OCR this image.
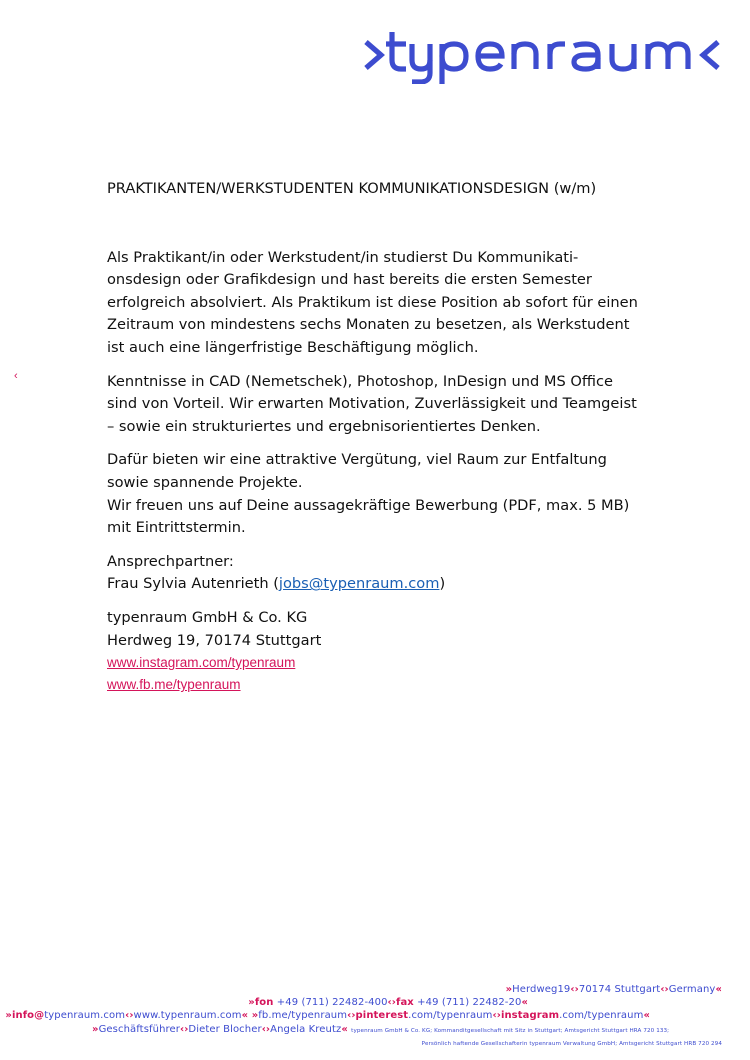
‹

PRAKTIKANTEN/WERKSTUDENTEN KOMMUNIKATIONSDESIGN (w/m)

Als Praktikant/in oder Werkstudent/in studierst Du Kommunikati-onsdesign oder Grafikdesign und hast bereits die ersten Semester erfolgreich absolviert. Als Praktikum ist diese Position ab sofort für einen Zeitraum von mindestens sechs Monaten zu besetzen, als Werkstudent ist auch eine längerfristige Beschäftigung möglich.

Kenntnisse in CAD (Nemetschek), Photoshop, InDesign und MS Office sind von Vorteil. Wir erwarten Motivation, Zuverlässigkeit und Teamgeist – sowie ein strukturiertes und ergebnisorientiertes Denken.

Dafür bieten wir eine attraktive Vergütung, viel Raum zur Entfaltung sowie spannende Projekte.

Wir freuen uns auf Deine aussagekräftige Bewerbung (PDF, max. 5 MB) mit Eintrittstermin.

Ansprechpartner:

Frau Sylvia Autenrieth (jobs@typenraum.com)

typenraum GmbH & Co. KG

Herdweg 19, 70174 Stuttgart

www.instagram.com/typenraum
www.fb.me/typenraum
»Herdweg19‹›70174 Stuttgart‹›Germany«
»fon +49 (711) 22482-400‹›fax +49 (711) 22482-20«
»info@typenraum.com‹›www.typenraum.com« »fb.me/typenraum‹›pinterest.com/typenraum‹›instagram.com/typenraum«
»Geschäftsführer‹›Dieter Blocher‹›Angela Kreutz« typenraum GmbH & Co. KG; Kommanditgesellschaft mit Sitz in Stuttgart; Amtsgericht Stuttgart HRA 720 133;
Persönlich haftende Gesellschafterin typenraum Verwaltung GmbH; Amtsgericht Stuttgart HRB 720 294
